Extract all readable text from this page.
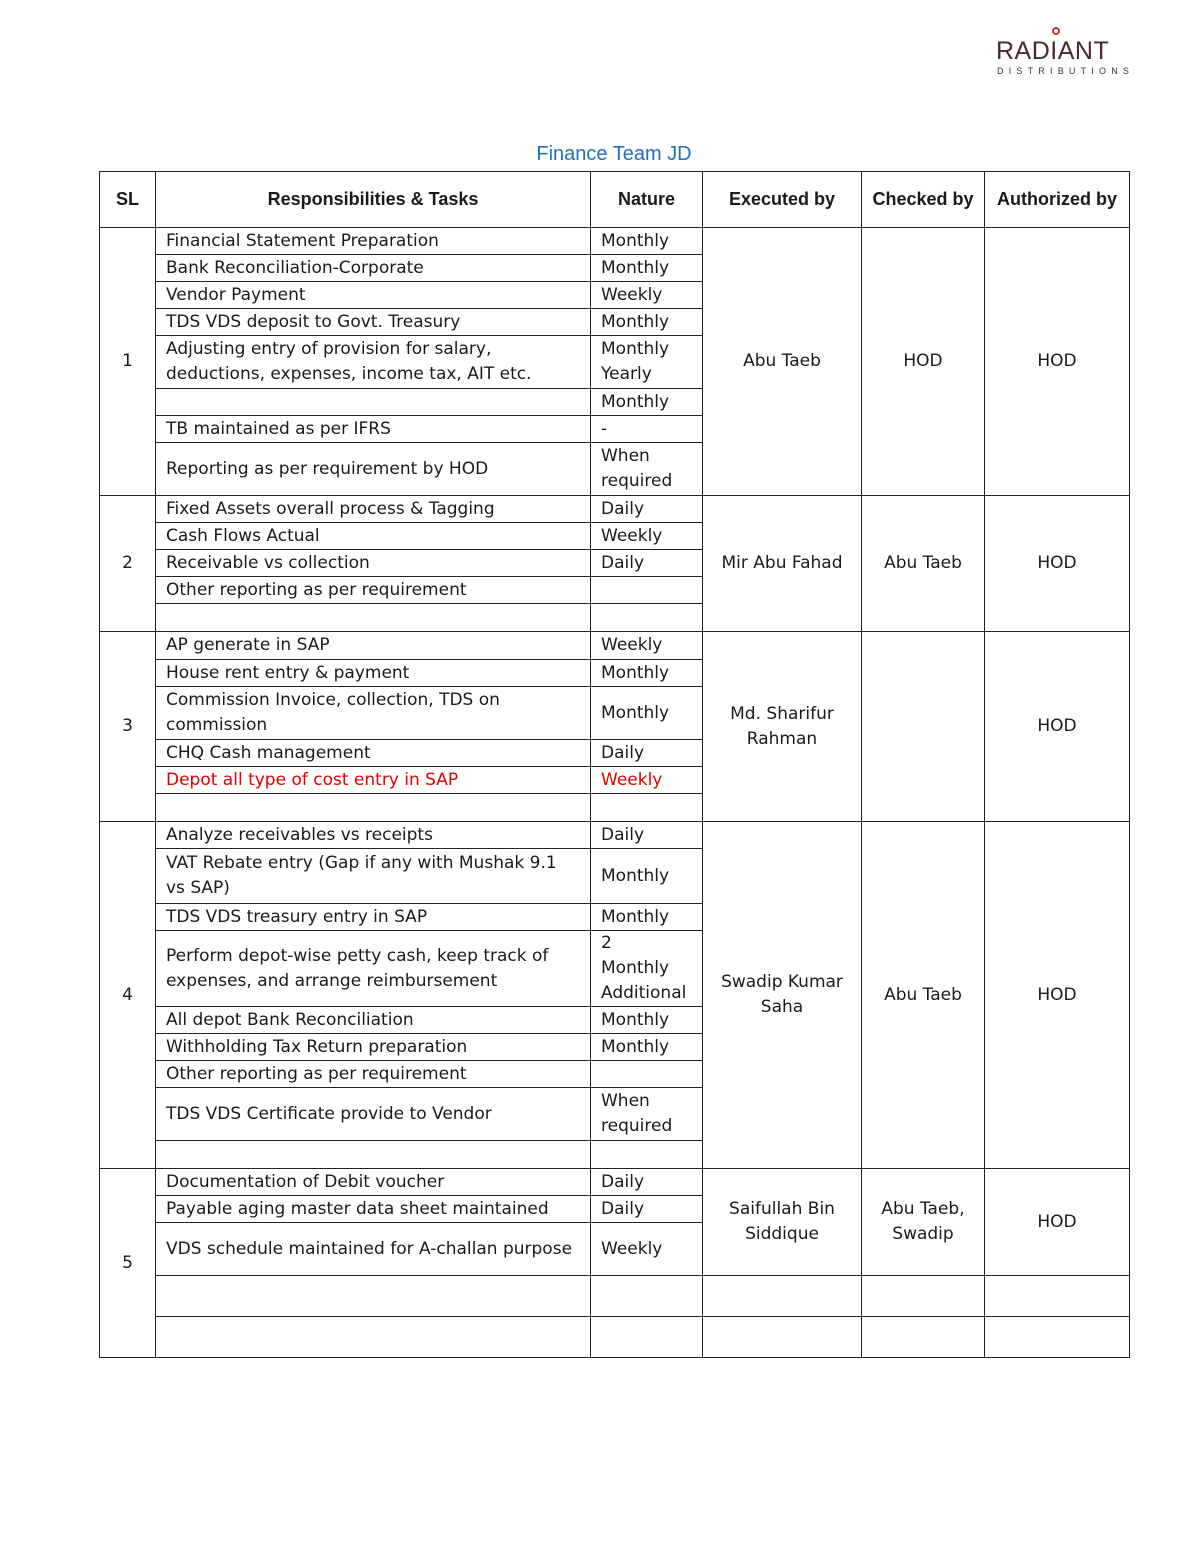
RADIANT
DISTRIBUTIONS
Finance Team JD
SL	Responsibilities & Tasks	Nature	Executed by	Checked by	Authorized by
1	Financial Statement Preparation	Monthly	Abu Taeb	HOD	HOD
	Bank Reconciliation-Corporate	Monthly			
	Vendor Payment	Weekly			
	TDS VDS deposit to Govt. Treasury	Monthly			
	Adjusting entry of provision for salary, deductions, expenses, income tax, AIT etc.	Monthly Yearly			
		Monthly			
	TB maintained as per IFRS	-			
	Reporting as per requirement by HOD	When required			
2	Fixed Assets overall process & Tagging	Daily	Mir Abu Fahad	Abu Taeb	HOD
	Cash Flows Actual	Weekly			
	Receivable vs collection	Daily			
	Other reporting as per requirement				

3	AP generate in SAP	Weekly	Md. Sharifur Rahman		HOD
	House rent entry & payment	Monthly			
	Commission Invoice, collection, TDS on commission	Monthly			
	CHQ Cash management	Daily			
	Depot all type of cost entry in SAP	Weekly			

4	Analyze receivables vs receipts	Daily	Swadip Kumar Saha	Abu Taeb	HOD
	VAT Rebate entry (Gap if any with Mushak 9.1 vs SAP)	Monthly			
	TDS VDS treasury entry in SAP	Monthly			
	Perform depot-wise petty cash, keep track of expenses, and arrange reimbursement	2 Monthly Additional			
	All depot Bank Reconciliation	Monthly			
	Withholding Tax Return preparation	Monthly			
	Other reporting as per requirement				
	TDS VDS Certificate provide to Vendor	When required			

5	Documentation of Debit voucher	Daily	Saifullah Bin Siddique	Abu Taeb, Swadip	HOD
	Payable aging master data sheet maintained	Daily			
	VDS schedule maintained for A-challan purpose	Weekly			
